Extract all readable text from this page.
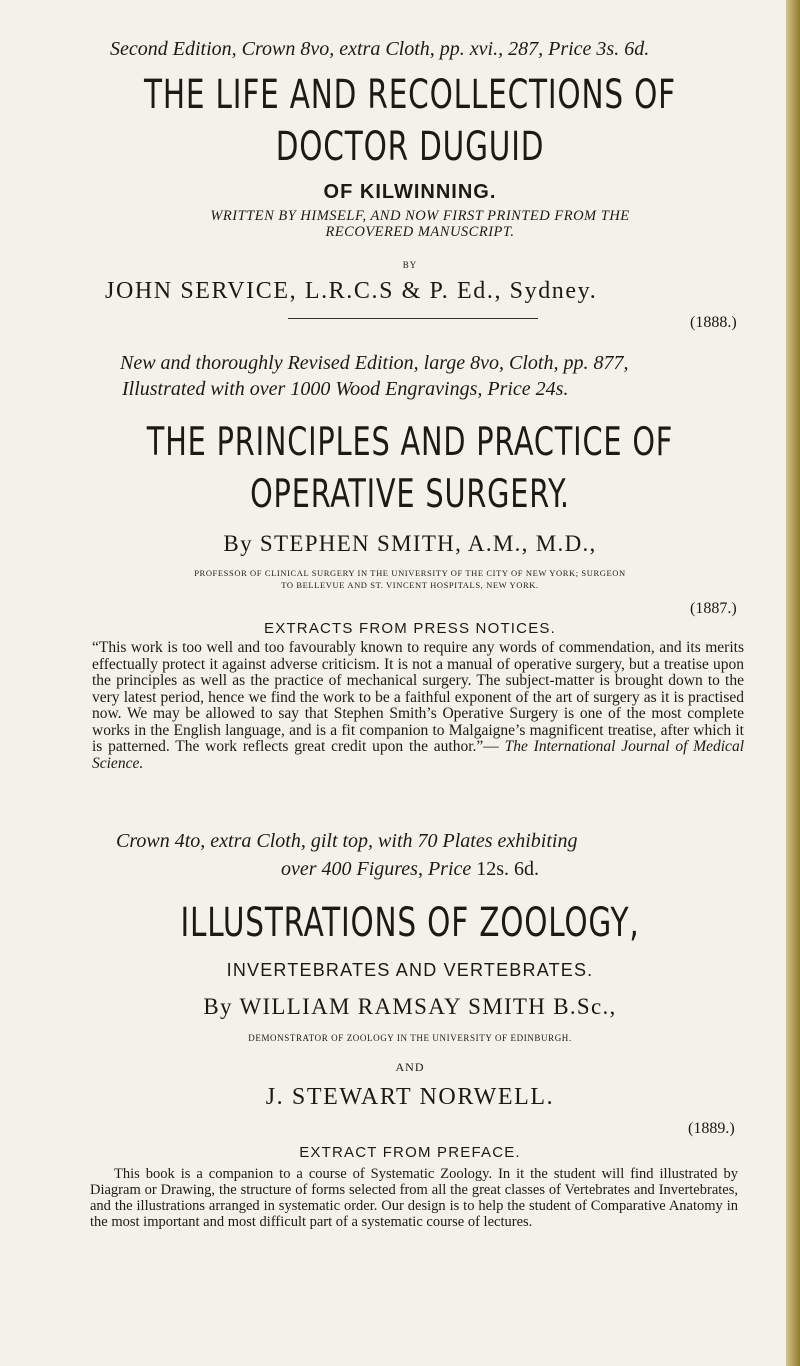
Second Edition, Crown 8vo, extra Cloth, pp. xvi., 287, Price 3s. 6d.
THE LIFE AND RECOLLECTIONS OF
DOCTOR DUGUID
OF KILWINNING.
WRITTEN BY HIMSELF, AND NOW FIRST PRINTED FROM THE
RECOVERED MANUSCRIPT.
BY
JOHN SERVICE, L.R.C.S & P. Ed., Sydney.
(1888.)
New and thoroughly Revised Edition, large 8vo, Cloth, pp. 877,
Illustrated with over 1000 Wood Engravings, Price 24s.
THE PRINCIPLES AND PRACTICE OF
OPERATIVE SURGERY.
By STEPHEN SMITH, A.M., M.D.,
PROFESSOR OF CLINICAL SURGERY IN THE UNIVERSITY OF THE CITY OF NEW YORK; SURGEON
TO BELLEVUE AND ST. VINCENT HOSPITALS, NEW YORK.
(1887.)
EXTRACTS FROM PRESS NOTICES.
“This work is too well and too favourably known to require any words of commendation, and its merits effectually protect it against adverse criticism. It is not a manual of operative surgery, but a treatise upon the principles as well as the practice of mechanical surgery. The subject-matter is brought down to the very latest period, hence we find the work to be a faithful exponent of the art of surgery as it is practised now. We may be allowed to say that Stephen Smith’s Operative Surgery is one of the most complete works in the English language, and is a fit companion to Malgaigne’s magnificent treatise, after which it is patterned. The work reflects great credit upon the author.”— The International Journal of Medical Science.
Crown 4to, extra Cloth, gilt top, with 70 Plates exhibiting
over 400 Figures, Price 12s. 6d.
ILLUSTRATIONS OF ZOOLOGY,
INVERTEBRATES AND VERTEBRATES.
By WILLIAM RAMSAY SMITH B.Sc.,
DEMONSTRATOR OF ZOOLOGY IN THE UNIVERSITY OF EDINBURGH.
AND
J. STEWART NORWELL.
(1889.)
EXTRACT FROM PREFACE.
This book is a companion to a course of Systematic Zoology. In it the student will find illustrated by Diagram or Drawing, the structure of forms selected from all the great classes of Vertebrates and Invertebrates, and the illustrations arranged in systematic order. Our design is to help the student of Comparative Anatomy in the most important and most difficult part of a systematic course of lectures.
